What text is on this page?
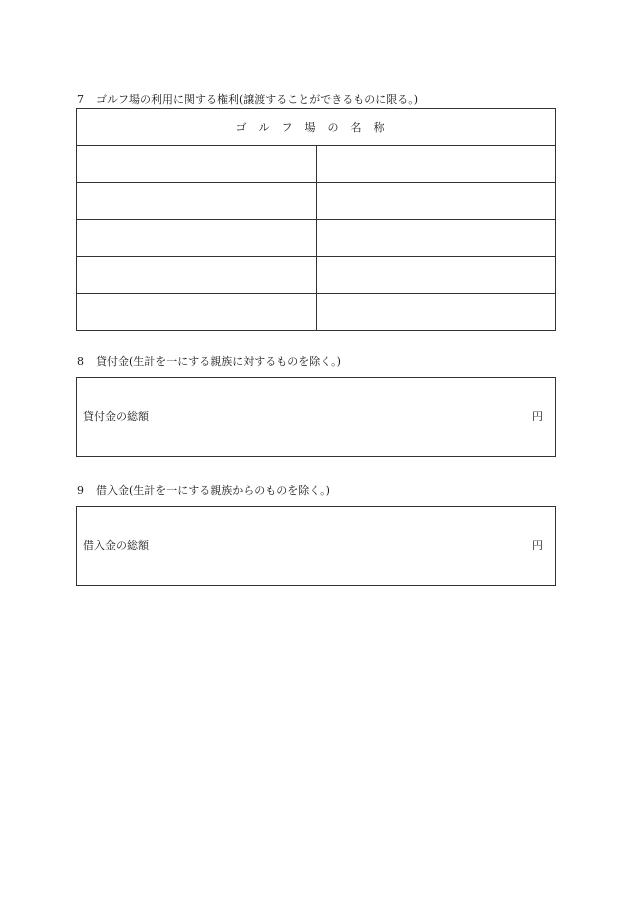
7 ゴルフ場の利用に関する権利(譲渡することができるものに限る。)
ゴルフ場の名称	

8 貸付金(生計を一にする親族に対するものを除く。)
貸付金の総額	円
9 借入金(生計を一にする親族からのものを除く。)
借入金の総額	円
